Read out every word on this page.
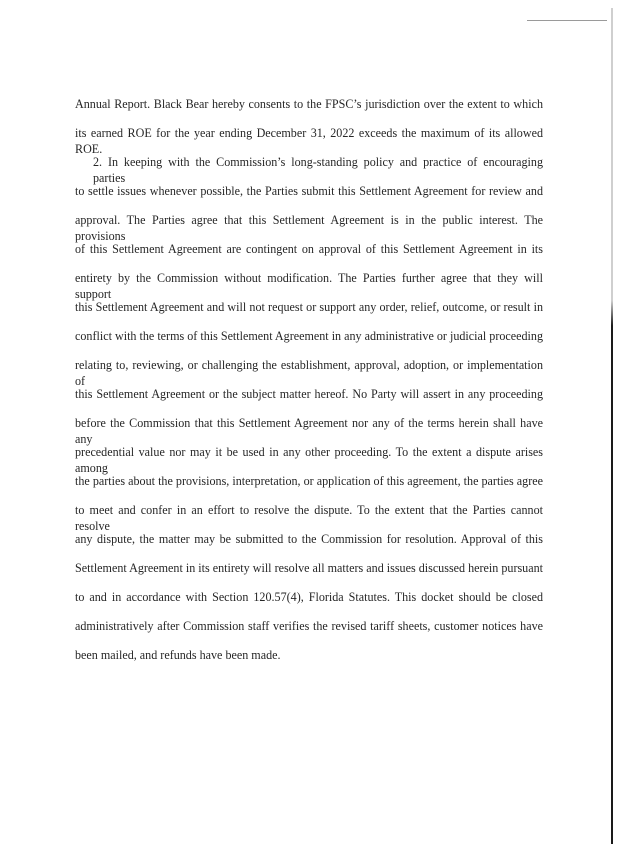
Annual Report. Black Bear hereby consents to the FPSC’s jurisdiction over the extent to which
its earned ROE for the year ending December 31, 2022 exceeds the maximum of its allowed ROE.
2. In keeping with the Commission’s long-standing policy and practice of encouraging parties
to settle issues whenever possible, the Parties submit this Settlement Agreement for review and
approval. The Parties agree that this Settlement Agreement is in the public interest. The provisions
of this Settlement Agreement are contingent on approval of this Settlement Agreement in its
entirety by the Commission without modification. The Parties further agree that they will support
this Settlement Agreement and will not request or support any order, relief, outcome, or result in
conflict with the terms of this Settlement Agreement in any administrative or judicial proceeding
relating to, reviewing, or challenging the establishment, approval, adoption, or implementation of
this Settlement Agreement or the subject matter hereof. No Party will assert in any proceeding
before the Commission that this Settlement Agreement nor any of the terms herein shall have any
precedential value nor may it be used in any other proceeding. To the extent a dispute arises among
the parties about the provisions, interpretation, or application of this agreement, the parties agree
to meet and confer in an effort to resolve the dispute. To the extent that the Parties cannot resolve
any dispute, the matter may be submitted to the Commission for resolution. Approval of this
Settlement Agreement in its entirety will resolve all matters and issues discussed herein pursuant
to and in accordance with Section 120.57(4), Florida Statutes. This docket should be closed
administratively after Commission staff verifies the revised tariff sheets, customer notices have
been mailed, and refunds have been made.
